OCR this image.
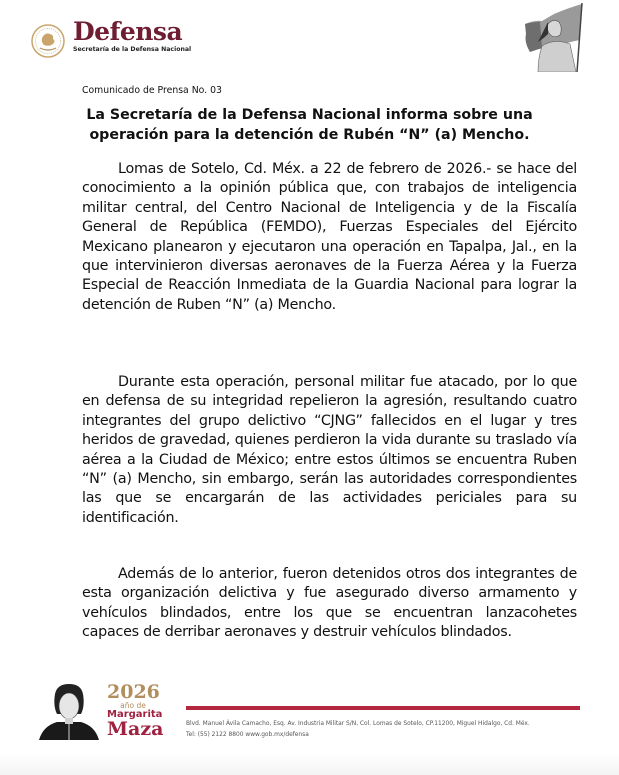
Defensa
Secretaría de la Defensa Nacional
Comunicado de Prensa No. 03
La Secretaría de la Defensa Nacional informa sobre una
operación para la detención de Rubén “N” (a) Mencho.
Lomas de Sotelo, Cd. Méx. a 22 de febrero de 2026.- se hace del conocimiento a la opinión pública que, con trabajos de inteligencia militar central, del Centro Nacional de Inteligencia y de la Fiscalía General de República (FEMDO), Fuerzas Especiales del Ejército Mexicano planearon y ejecutaron una operación en Tapalpa, Jal., en la que intervinieron diversas aeronaves de la Fuerza Aérea y la Fuerza Especial de Reacción Inmediata de la Guardia Nacional para lograr la detención de Ruben “N” (a) Mencho.
Durante esta operación, personal militar fue atacado, por lo que en defensa de su integridad repelieron la agresión, resultando cuatro integrantes del grupo delictivo “CJNG” fallecidos en el lugar y tres heridos de gravedad, quienes perdieron la vida durante su traslado vía aérea a la Ciudad de México; entre estos últimos se encuentra Ruben “N” (a) Mencho, sin embargo, serán las autoridades correspondientes las que se encargarán de las actividades periciales para su identificación.
Además de lo anterior, fueron detenidos otros dos integrantes de esta organización delictiva y fue asegurado diverso armamento y vehículos blindados, entre los que se encuentran lanzacohetes capaces de derribar aeronaves y destruir vehículos blindados.
2026
año de
Margarita
Maza	Blvd. Manuel Ávila Camacho, Esq. Av. Industria Militar S/N, Col. Lomas de Sotelo, CP.11200, Miguel Hidalgo, Cd. Méx.
Tel: (55) 2122 8800 www.gob.mx/defensa
